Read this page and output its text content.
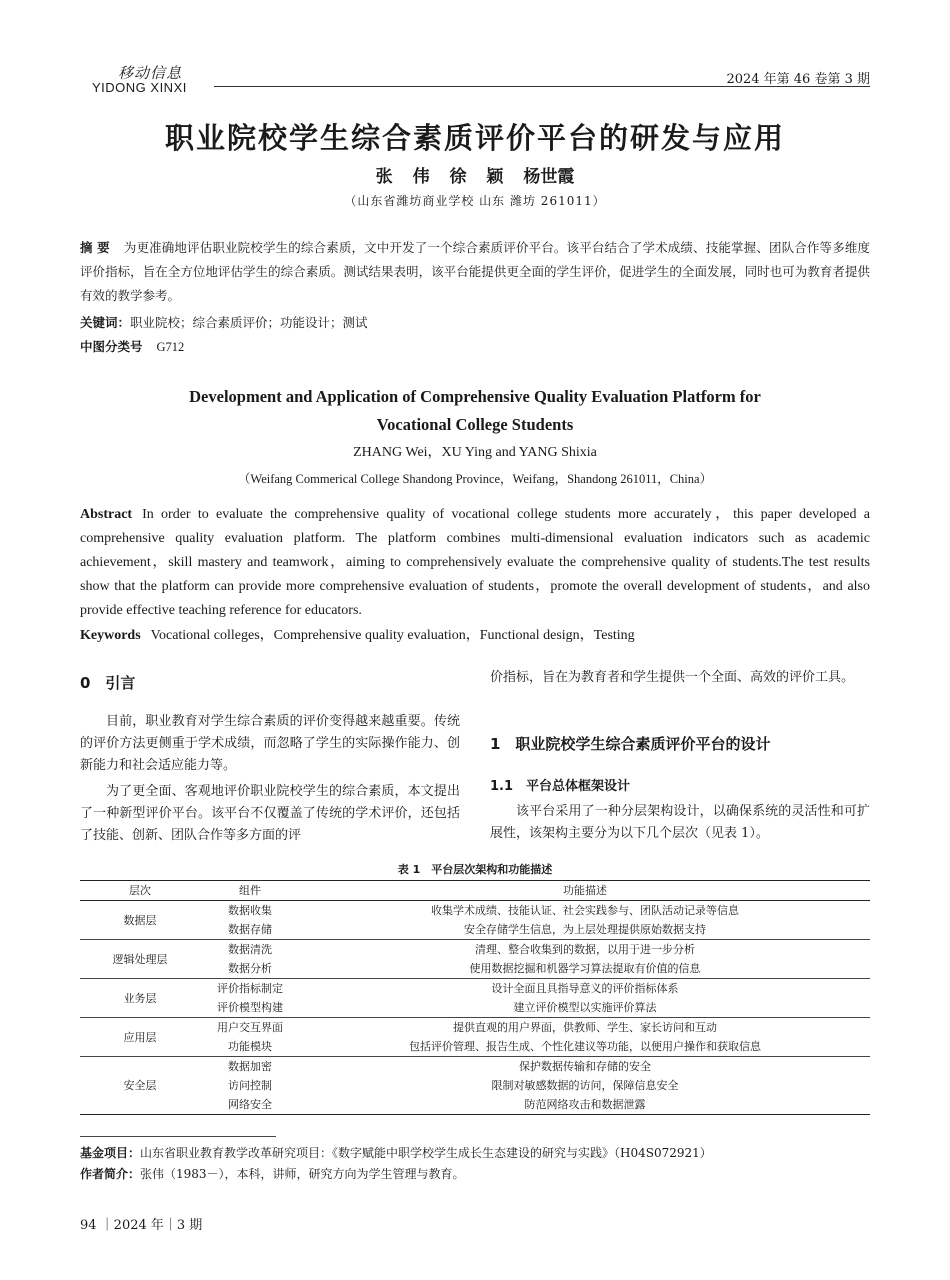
移动信息
YIDONG XINXI
2024 年第 46 卷第 3 期
职业院校学生综合素质评价平台的研发与应用
张 伟 徐 颖 杨世霞
（山东省潍坊商业学校 山东 潍坊 261011）
摘 要 为更准确地评估职业院校学生的综合素质，文中开发了一个综合素质评价平台。该平台结合了学术成绩、技能掌握、团队合作等多维度评价指标，旨在全方位地评估学生的综合素质。测试结果表明，该平台能提供更全面的学生评价，促进学生的全面发展，同时也可为教育者提供有效的教学参考。
关键词：职业院校；综合素质评价；功能设计；测试
中图分类号 G712
Development and Application of Comprehensive Quality Evaluation Platform for
Vocational College Students
ZHANG Wei，XU Ying and YANG Shixia
（Weifang Commerical College Shandong Province，Weifang，Shandong 261011，China）
Abstract In order to evaluate the comprehensive quality of vocational college students more accurately，this paper developed a comprehensive quality evaluation platform. The platform combines multi-dimensional evaluation indicators such as academic achievement，skill mastery and teamwork，aiming to comprehensively evaluate the comprehensive quality of students.The test results show that the platform can provide more comprehensive evaluation of students，promote the overall development of students，and also provide effective teaching reference for educators.
Keywords Vocational colleges，Comprehensive quality evaluation，Functional design，Testing
0　引言
目前，职业教育对学生综合素质的评价变得越来越重要。传统的评价方法更侧重于学术成绩，而忽略了学生的实际操作能力、创新能力和社会适应能力等。
为了更全面、客观地评价职业院校学生的综合素质，本文提出了一种新型评价平台。该平台不仅覆盖了传统的学术评价，还包括了技能、创新、团队合作等多方面的评
价指标，旨在为教育者和学生提供一个全面、高效的评价工具。
1　职业院校学生综合素质评价平台的设计
1.1　平台总体框架设计
该平台采用了一种分层架构设计，以确保系统的灵活性和可扩展性，该架构主要分为以下几个层次（见表 1）。
表 1　平台层次架构和功能描述
层次	组件	功能描述
数据层	数据收集	收集学术成绩、技能认证、社会实践参与、团队活动记录等信息
	数据存储	安全存储学生信息，为上层处理提供原始数据支持
逻辑处理层	数据清洗	清理、整合收集到的数据，以用于进一步分析
	数据分析	使用数据挖掘和机器学习算法提取有价值的信息
业务层	评价指标制定	设计全面且具指导意义的评价指标体系
	评价模型构建	建立评价模型以实施评价算法
应用层	用户交互界面	提供直观的用户界面，供教师、学生、家长访问和互动
	功能模块	包括评价管理、报告生成、个性化建议等功能，以便用户操作和获取信息
安全层	数据加密	保护数据传输和存储的安全
	访问控制	限制对敏感数据的访问，保障信息安全
	网络安全	防范网络攻击和数据泄露
基金项目：山东省职业教育教学改革研究项目：《数字赋能中职学校学生成长生态建设的研究与实践》（H04S072921）
作者简介：张伟（1983－），本科，讲师，研究方向为学生管理与教育。
94 ｜2024 年｜3 期
